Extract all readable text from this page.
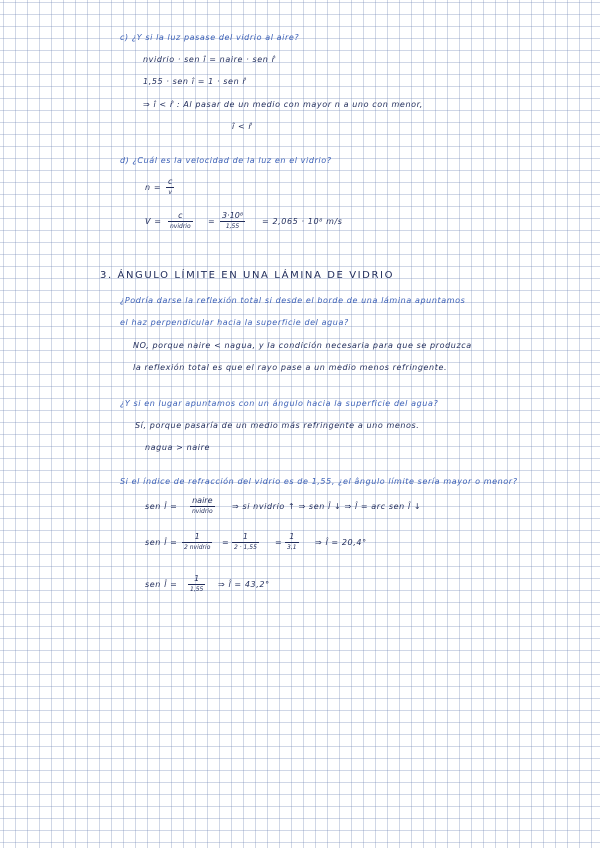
c) ¿Y si la luz pasase del vidrio al aire?

nvidrio · sen î = naire · sen r̂

1,55 · sen î = 1 · sen r̂

⇒ î < r̂ : Al pasar de un medio con mayor n a uno con menor,

î < r̂

d) ¿Cuál es la velocidad de la luz en el vidrio?

n =

c
v

V =

c
nvidrio

=

3·10⁸
1,55

= 2,065 · 10⁸ m/s

3. ÁNGULO LÍMITE EN UNA LÁMINA DE VIDRIO

¿Podría darse la reflexión total si desde el borde de una lámina apuntamos

el haz perpendicular hacia la superficie del agua?

NO, porque naire < nagua, y la condición necesaria para que se produzca

la reflexión total es que el rayo pase a un medio menos refringente.

¿Y si en lugar apuntamos con un ángulo hacia la superficie del agua?

Sí, porque pasaría de un medio más refringente a uno menos.

nagua > naire

Si el índice de refracción del vidrio es de 1,55, ¿el ângulo límite sería mayor o menor?

sen l̂ =

naire
nvidrio

⇒ si nvidrio ↑ ⇒ sen l̂ ↓ ⇒ l̂ = arc sen l̂ ↓

sen l̂ =

1
2 nvidrio

=

1
2 · 1,55

=

1
3,1

⇒ l̂ = 20,4°

sen l̂ =

1
1,55

⇒ l̂ = 43,2°
